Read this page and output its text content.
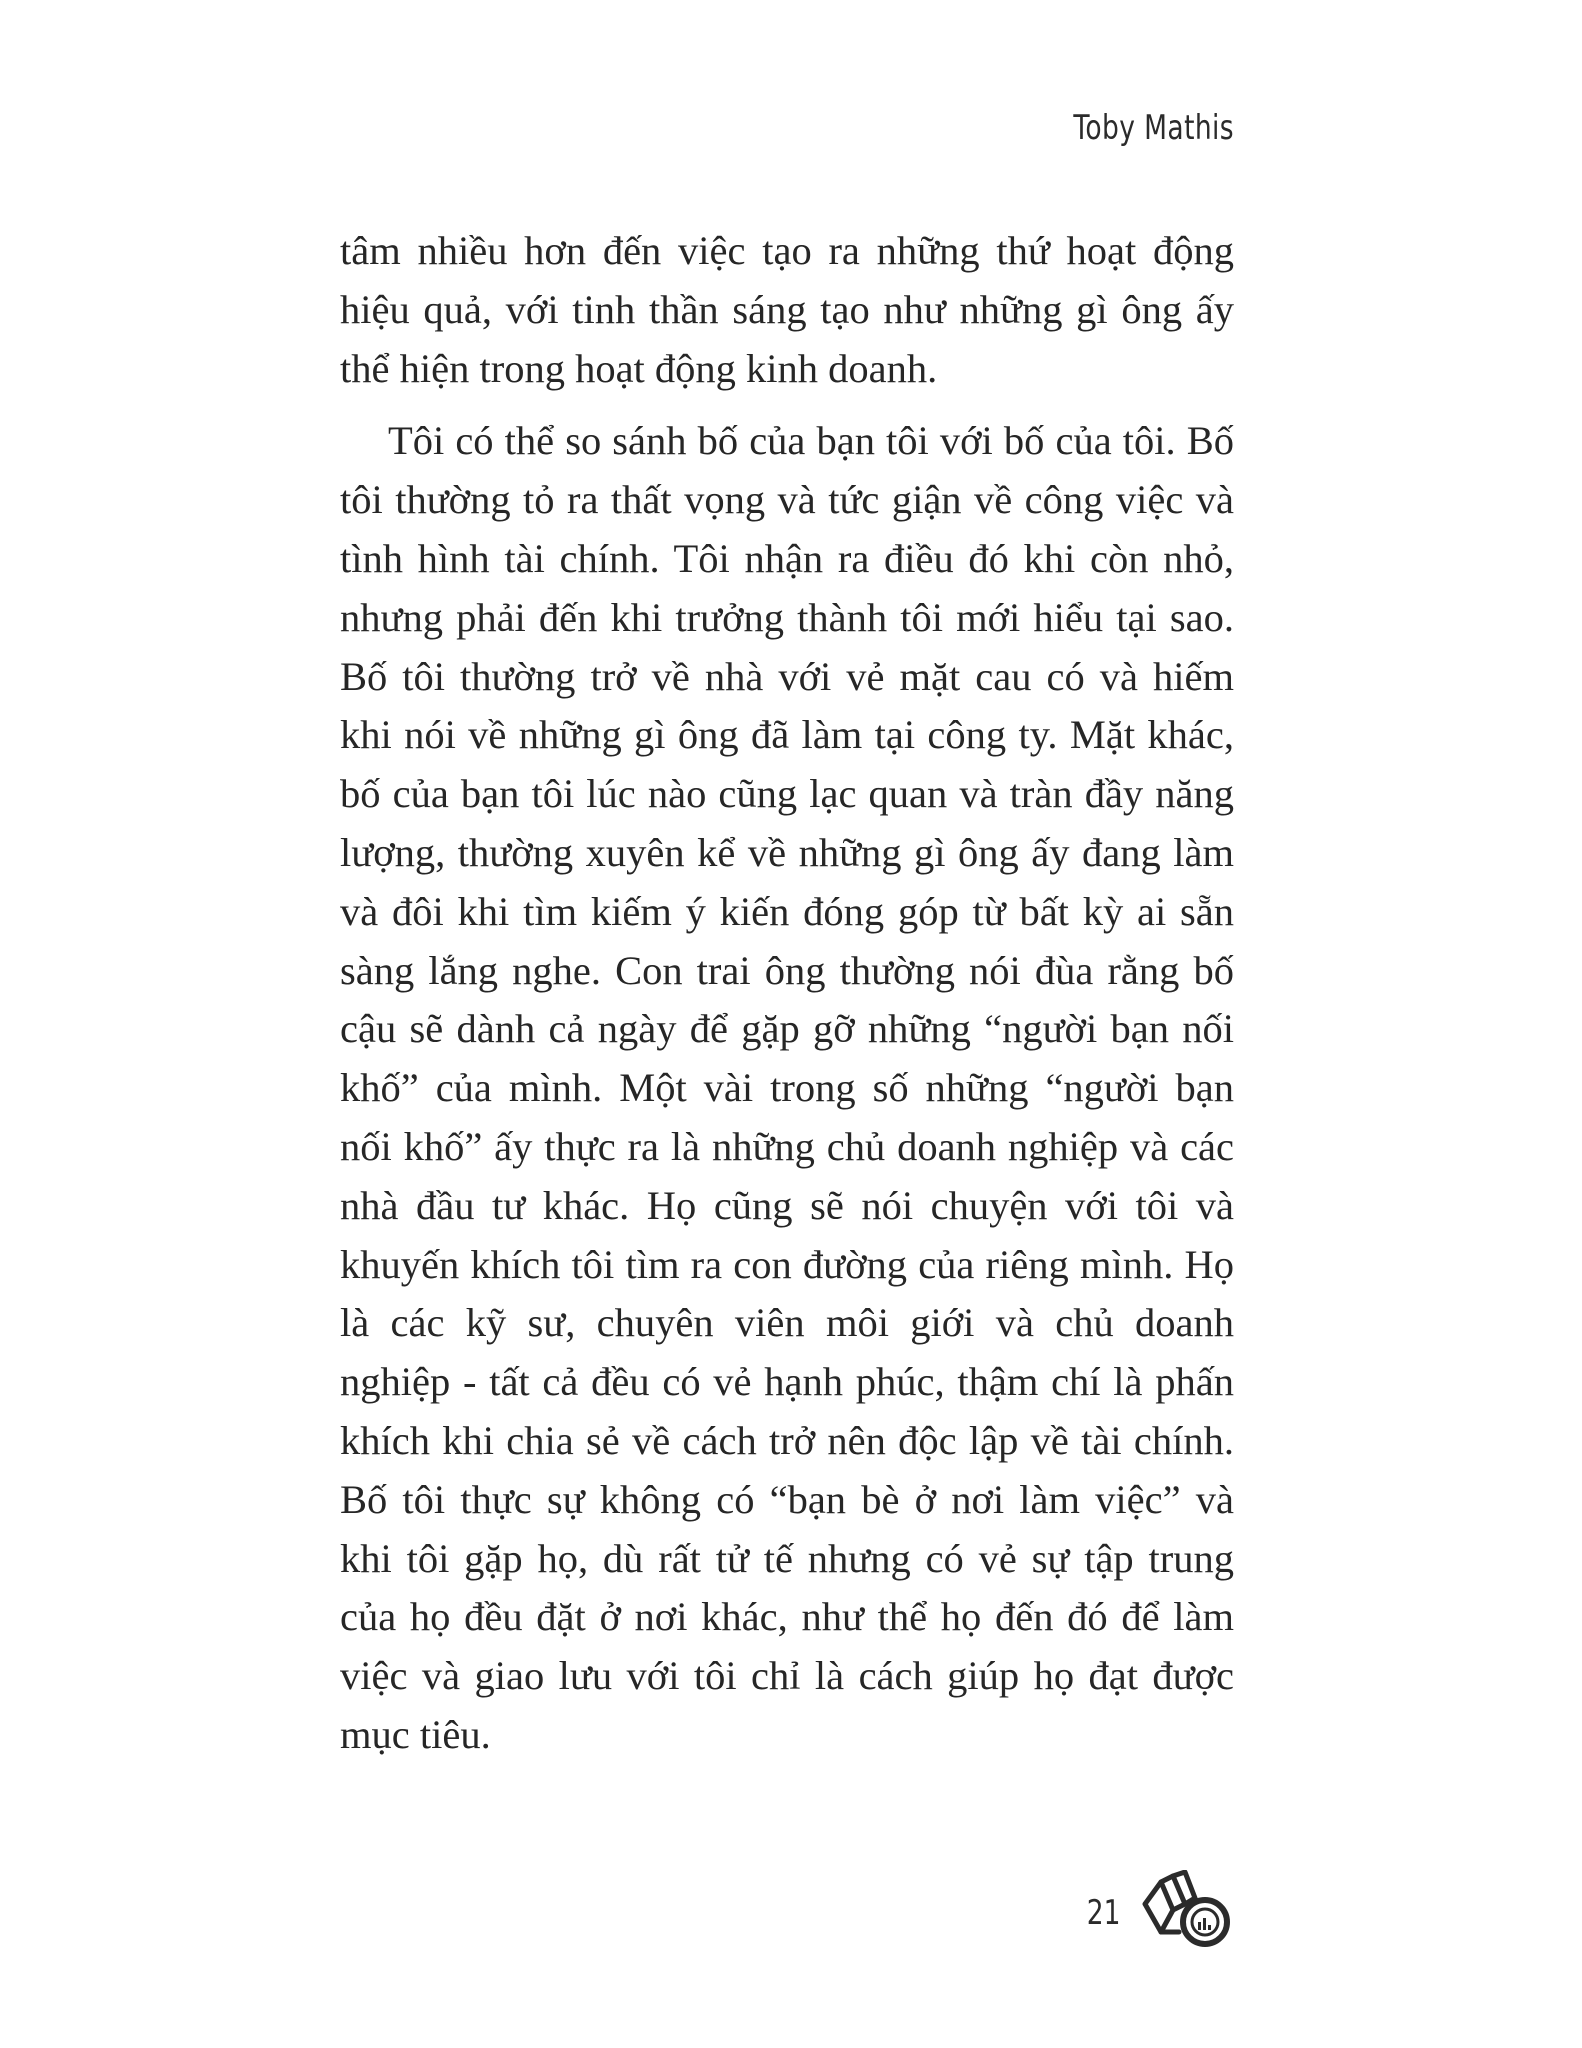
Toby Mathis

tâm nhiều hơn đến việc tạo ra những thứ hoạt động hiệu quả, với tinh thần sáng tạo như những gì ông ấy thể hiện trong hoạt động kinh doanh.

Tôi có thể so sánh bố của bạn tôi với bố của tôi. Bố tôi thường tỏ ra thất vọng và tức giận về công việc và tình hình tài chính. Tôi nhận ra điều đó khi còn nhỏ, nhưng phải đến khi trưởng thành tôi mới hiểu tại sao. Bố tôi thường trở về nhà với vẻ mặt cau có và hiếm khi nói về những gì ông đã làm tại công ty. Mặt khác, bố của bạn tôi lúc nào cũng lạc quan và tràn đầy năng lượng, thường xuyên kể về những gì ông ấy đang làm và đôi khi tìm kiếm ý kiến đóng góp từ bất kỳ ai sẵn sàng lắng nghe. Con trai ông thường nói đùa rằng bố cậu sẽ dành cả ngày để gặp gỡ những “người bạn nối khố” của mình. Một vài trong số những “người bạn nối khố” ấy thực ra là những chủ doanh nghiệp và các nhà đầu tư khác. Họ cũng sẽ nói chuyện với tôi và khuyến khích tôi tìm ra con đường của riêng mình. Họ là các kỹ sư, chuyên viên môi giới và chủ doanh nghiệp - tất cả đều có vẻ hạnh phúc, thậm chí là phấn khích khi chia sẻ về cách trở nên độc lập về tài chính. Bố tôi thực sự không có “bạn bè ở nơi làm việc” và khi tôi gặp họ, dù rất tử tế nhưng có vẻ sự tập trung của họ đều đặt ở nơi khác, như thể họ đến đó để làm việc và giao lưu với tôi chỉ là cách giúp họ đạt được mục tiêu.

21
